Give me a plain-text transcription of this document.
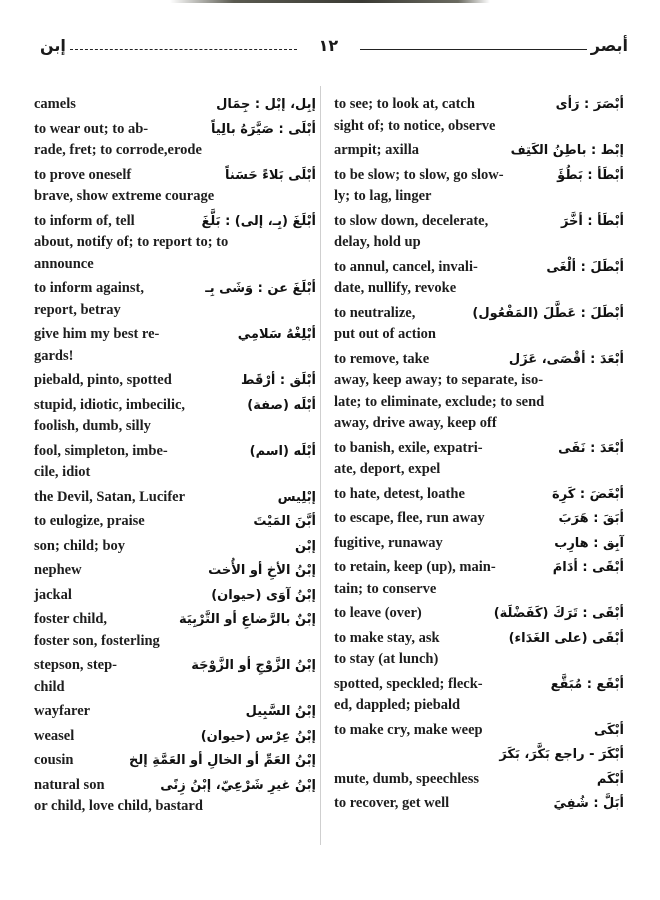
إبن	١٢	أبصر
camels	إبِل، إبْل : جِمَال
to wear out; to ab-	أبْلَى : صَيَّرَهُ بالِياً
rade, fret; to corrode,erode
to prove oneself	أبْلَى بَلاءً حَسَناً
brave, show extreme courage
to inform of, tell	أبْلَغَ (بِـ، إلى) : بَلَّغَ
about, notify of; to report to; to
announce
to inform against,	أبْلَغَ عن : وَشَى بِـ
report, betray
give him my best re-	أبْلِغْهُ سَلامِي
gards!
piebald, pinto, spotted	أبْلَق : أرْقَط
stupid, idiotic, imbecilic,	أبْلَه (صفة)
foolish, dumb, silly
fool, simpleton, imbe-	أبْلَه (اسم)
cile, idiot
the Devil, Satan, Lucifer	إبْلِيس
to eulogize, praise	أبَّنَ المَيْتَ
son; child; boy	إبْن
nephew	إبْنُ الأخِ أو الأُخت
jackal	إبْنُ آوَى (حيوان)
foster child,	إبْنٌ بالرَّضاعِ أو التَّرْبِيَة
foster son, fosterling
stepson, step-	إبْنُ الزَّوْجِ أو الزَّوْجَة
child
wayfarer	إبْنُ السَّبِيل
weasel	إبْنُ عِرْس (حيوان)
cousin	إبْنُ العَمِّ أو الخالِ أو العَمَّةِ إلخ
natural son	إبْنُ غيرِ شَرْعِيّ، إبْنُ زِنًى
or child, love child, bastard
to see; to look at, catch	أبْصَرَ : رَأى
sight of; to notice, observe
armpit; axilla	إبْط : باطِنُ الكَتِف
to be slow; to slow, go slow-	أبْطَأ : بَطُؤَ
ly; to lag, linger
to slow down, decelerate,	أبْطَأ : أخَّرَ
delay, hold up
to annul, cancel, invali-	أبْطَلَ : ألْغَى
date, nullify, revoke
to neutralize,	أبْطَلَ : عَطَّلَ (المَفْعُول)
put out of action
to remove, take	أبْعَدَ : أقْصَى، عَزَل
away, keep away; to separate, iso-
late; to eliminate, exclude; to send
away, drive away, keep off
to banish, exile, expatri-	أبْعَدَ : نَفَى
ate, deport, expel
to hate, detest, loathe	أبْغَضَ : كَرِهَ
to escape, flee, run away	أبَقَ : هَرَبَ
fugitive, runaway	آبِق : هارِب
to retain, keep (up), main-	أبْقَى : أدَامَ
tain; to conserve
to leave (over)	أبْقَى : تَرَكَ (كَفَضْلَة)
to make stay, ask	أبْقَى (على الغَدَاء)
to stay (at lunch)
spotted, speckled; fleck-	أبْقَع : مُبَقَّع
ed, dappled; piebald
to make cry, make weep	أبْكَى
أبْكَرَ - راجع بَكَّرَ، بَكَرَ
mute, dumb, speechless	أبْكَم
to recover, get well	أبَلَّ : شُفِيَ
